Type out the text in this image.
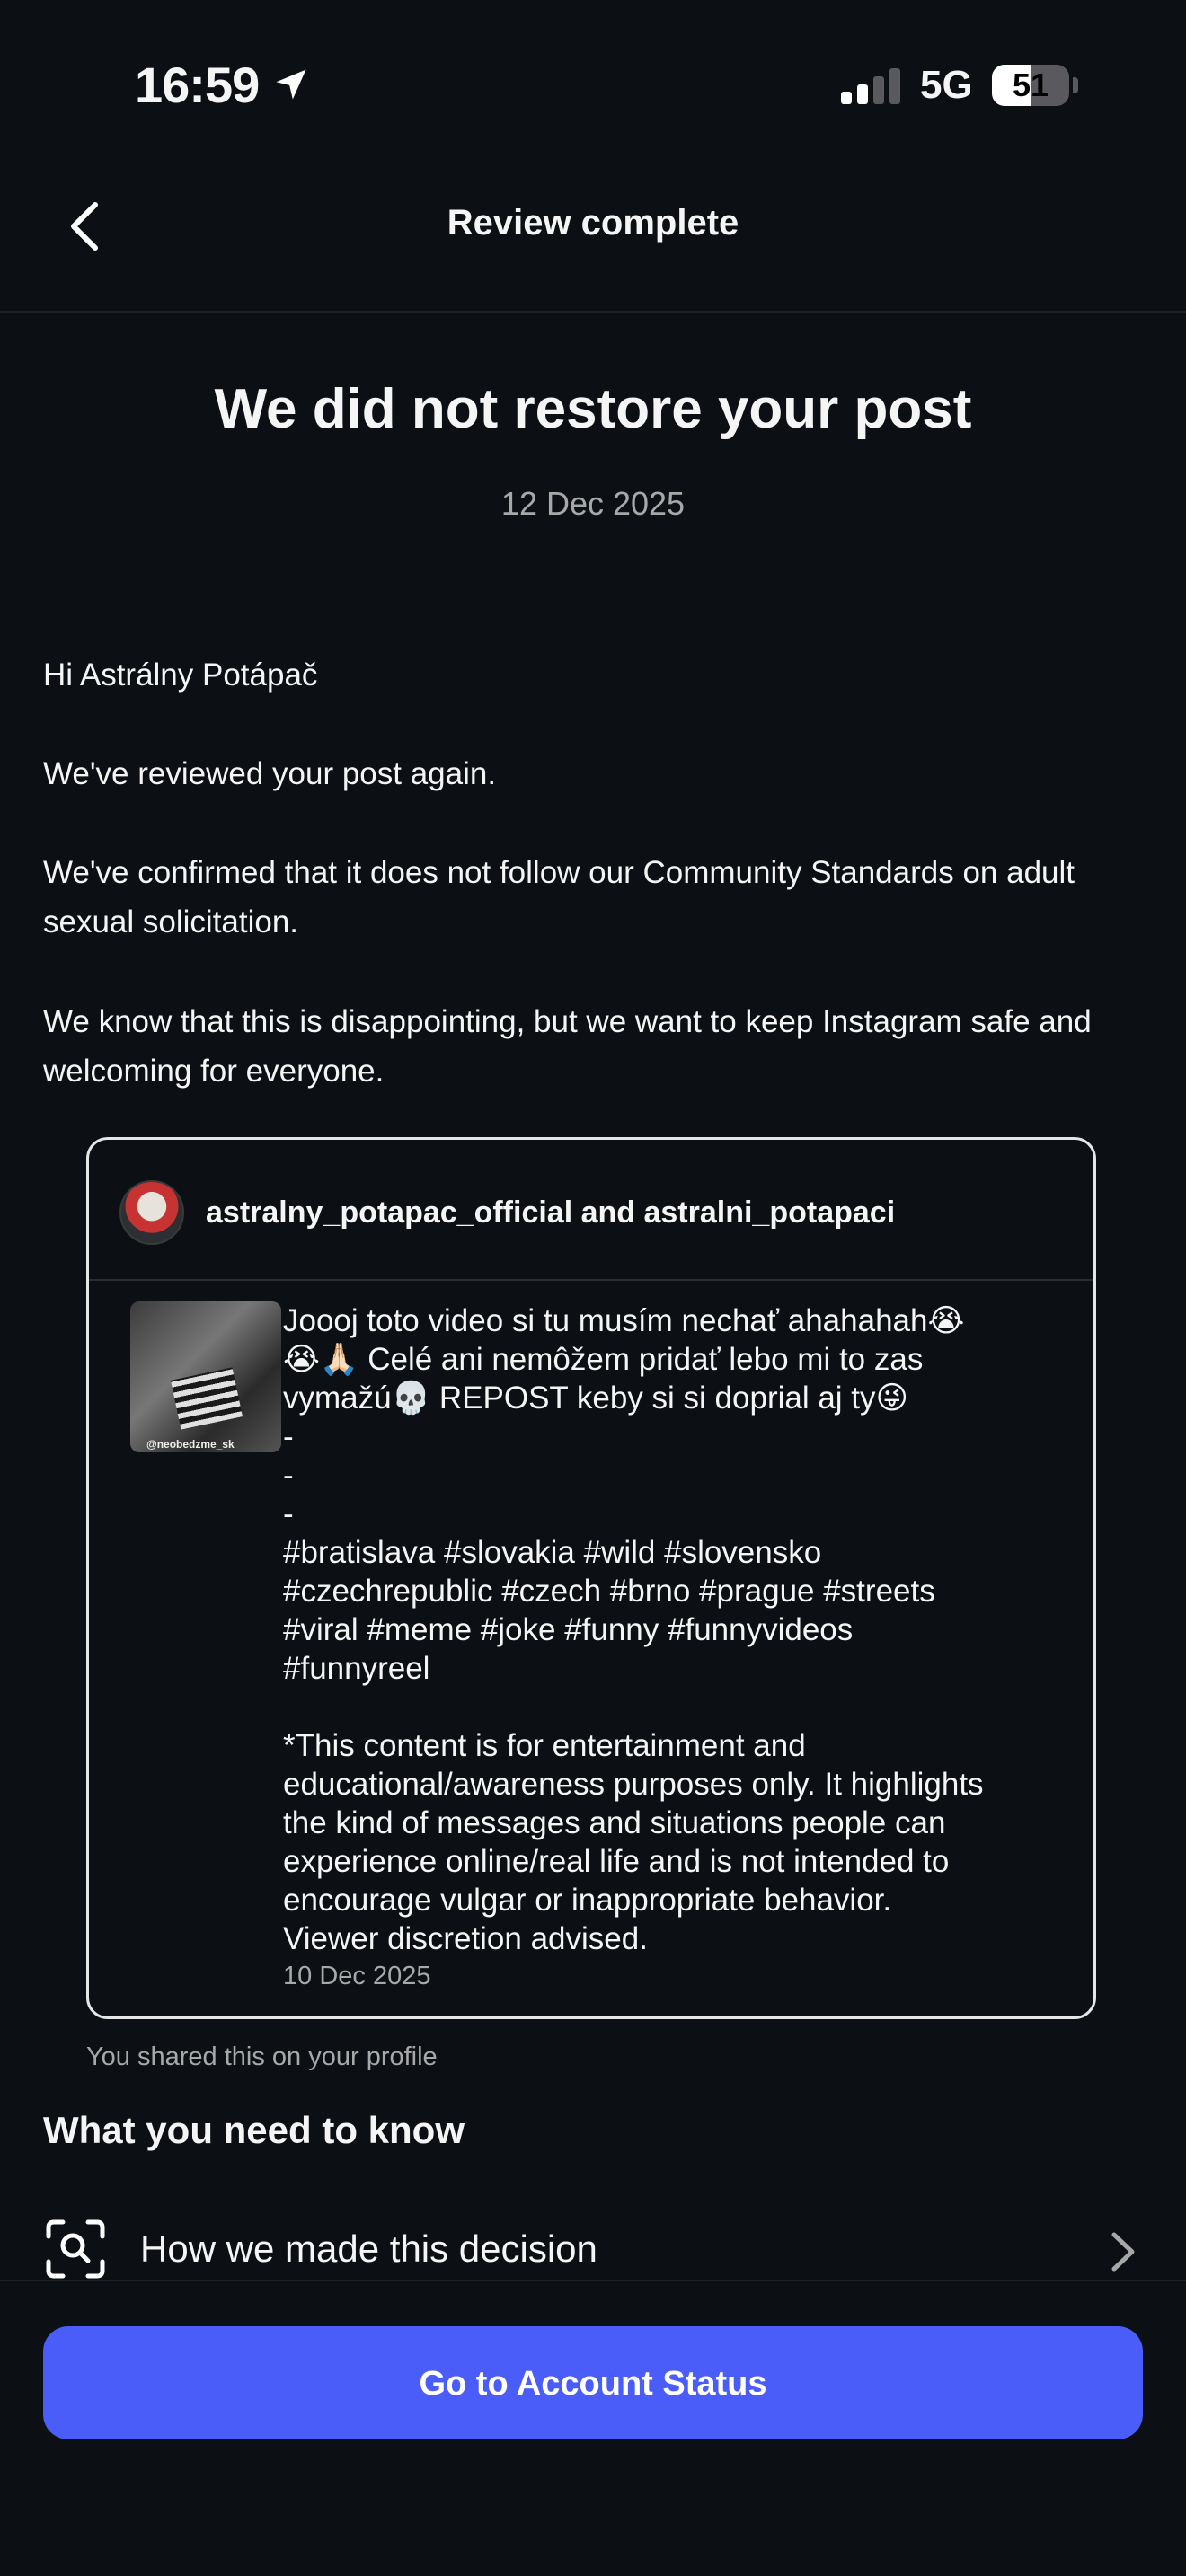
16:59	5G	51
Review complete
We did not restore your post
12 Dec 2025
Hi Astrálny Potápač
We've reviewed your post again.
We've confirmed that it does not follow our Community Standards on adult sexual solicitation.
We know that this is disappointing, but we want to keep Instagram safe and welcoming for everyone.
astralny_potapac_official and astralni_potapaci
@neobedzme_sk
Joooj toto video si tu musím nechať ahahahah😭
😭🙏🏻 Celé ani nemôžem pridať lebo mi to zas
vymažú💀 REPOST keby si si doprial aj ty😜
-
-
-
#bratislava #slovakia #wild #slovensko
#czechrepublic #czech #brno #prague #streets
#viral #meme #joke #funny #funnyvideos
#funnyreel
*This content is for entertainment and
educational/awareness purposes only. It highlights
the kind of messages and situations people can
experience online/real life and is not intended to
encourage vulgar or inappropriate behavior.
Viewer discretion advised.
10 Dec 2025
You shared this on your profile
What you need to know
How we made this decision
Go to Account Status
